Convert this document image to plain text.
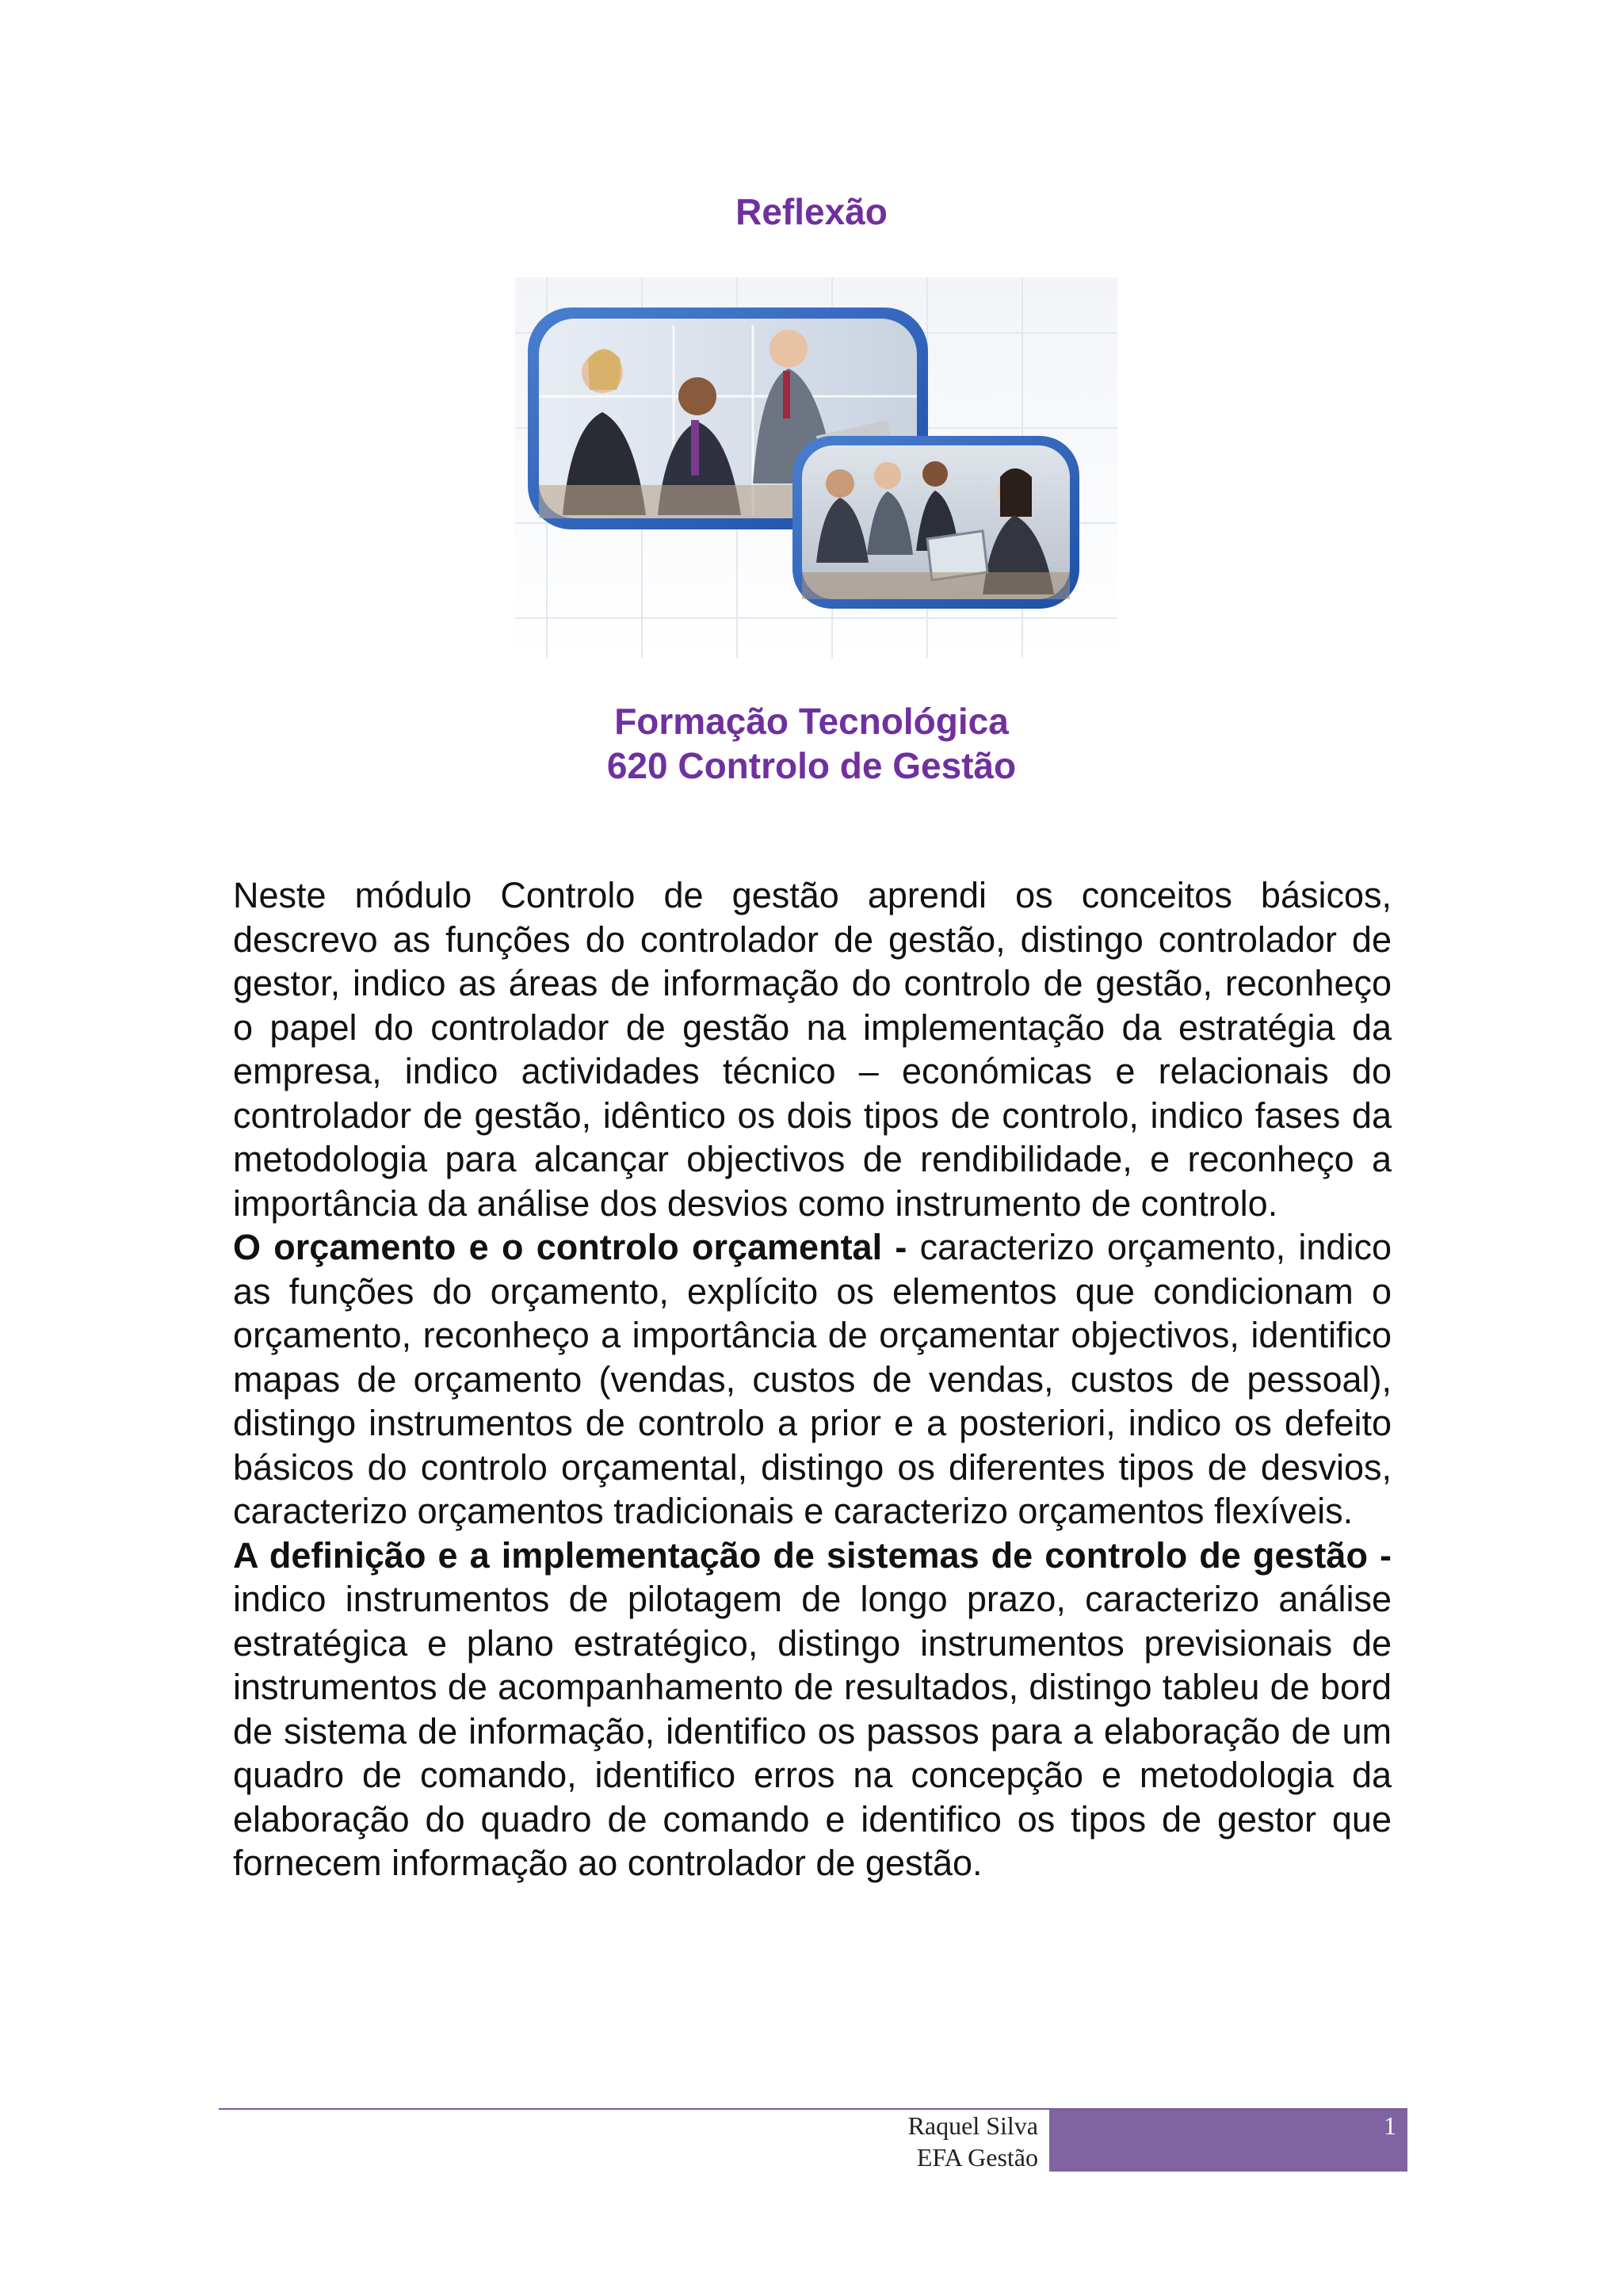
Reflexão
Formação Tecnológica
620 Controlo de Gestão

Neste módulo Controlo de gestão aprendi os conceitos básicos, descrevo as funções do controlador de gestão, distingo controlador de gestor, indico as áreas de informação do controlo de gestão, reconheço o papel do controlador de gestão na implementação da estratégia da empresa, indico actividades técnico – económicas e relacionais do controlador de gestão, idêntico os dois tipos de controlo, indico fases da metodologia para alcançar objectivos de rendibilidade, e reconheço a importância da análise dos desvios como instrumento de controlo.

O orçamento e o controlo orçamental - caracterizo orçamento, indico as funções do orçamento, explícito os elementos que condicionam o orçamento, reconheço a importância de orçamentar objectivos, identifico mapas de orçamento (vendas, custos de vendas, custos de pessoal), distingo instrumentos de controlo a prior e a posteriori, indico os defeito básicos do controlo orçamental, distingo os diferentes tipos de desvios, caracterizo orçamentos tradicionais e caracterizo orçamentos flexíveis.

A definição e a implementação de sistemas de controlo de gestão - indico instrumentos de pilotagem de longo prazo, caracterizo análise estratégica e plano estratégico, distingo instrumentos previsionais de instrumentos de acompanhamento de resultados, distingo tableu de bord de sistema de informação, identifico os passos para a elaboração de um quadro de comando, identifico erros na concepção e metodologia da elaboração do quadro de comando e identifico os tipos de gestor que fornecem informação ao controlador de gestão.

Raquel Silva
EFA Gestão
1
